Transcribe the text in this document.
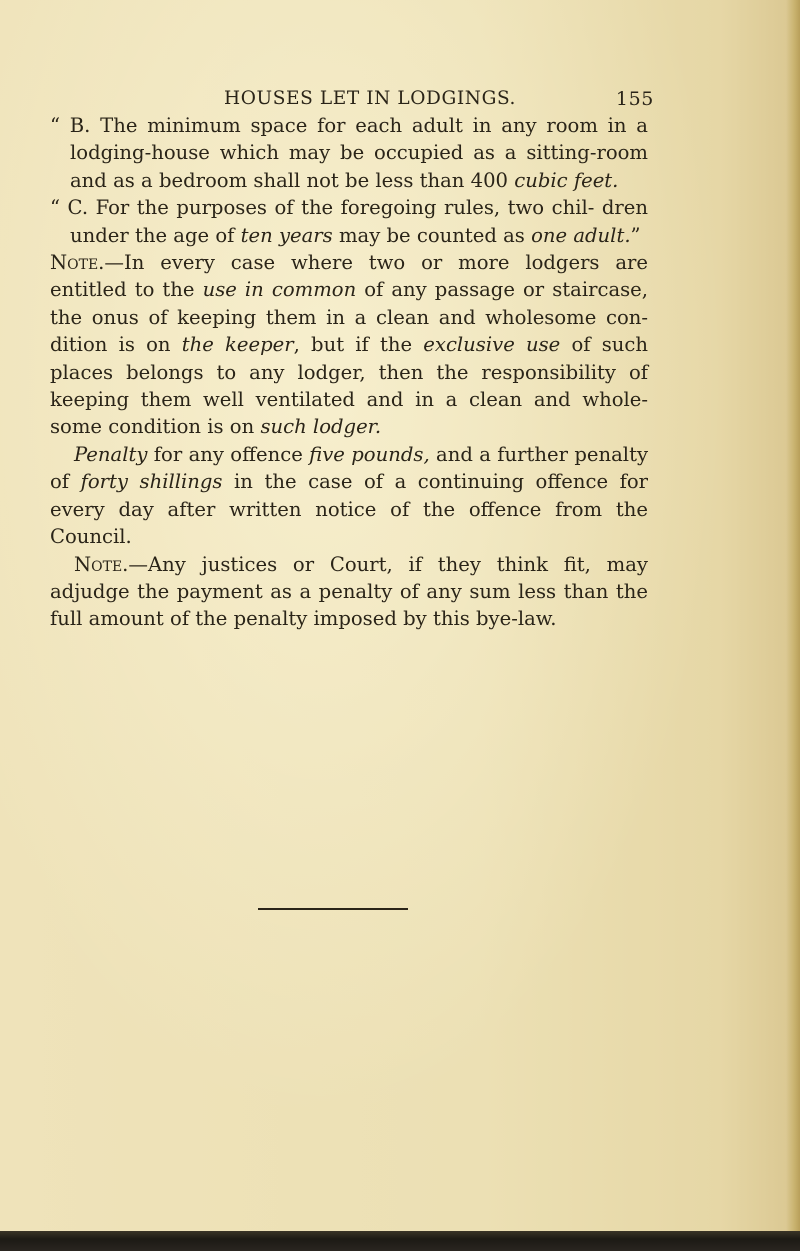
HOUSES LET IN LODGINGS.	155

“ B. The minimum space for each adult in any room in a lodging-house which may be occupied as a sitting-room and as a bedroom shall not be less than 400 cubic feet.

“ C. For the purposes of the foregoing rules, two chil- dren under the age of ten years may be counted as one adult.”

Note.—In every case where two or more lodgers are entitled to the use in common of any passage or staircase, the onus of keeping them in a clean and wholesome con- dition is on the keeper, but if the exclusive use of such places belongs to any lodger, then the responsibility of keeping them well ventilated and in a clean and whole- some condition is on such lodger.

Penalty for any offence five pounds, and a further penalty of forty shillings in the case of a continuing offence for every day after written notice of the offence from the Council.

Note.—Any justices or Court, if they think fit, may adjudge the payment as a penalty of any sum less than the full amount of the penalty imposed by this bye-law.
